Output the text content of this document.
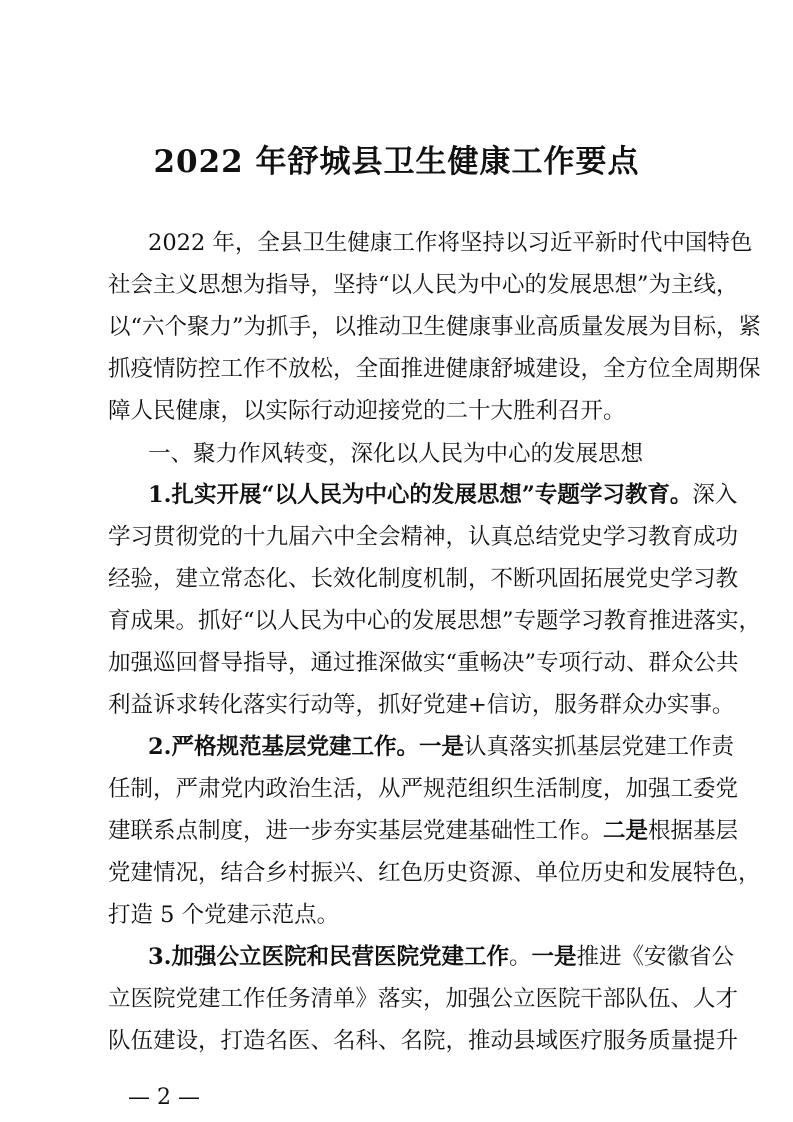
2022 年舒城县卫生健康工作要点

2022 年，全县卫生健康工作将坚持以习近平新时代中国特色

社会主义思想为指导，坚持“以人民为中心的发展思想”为主线，

以“六个聚力”为抓手，以推动卫生健康事业高质量发展为目标，紧

抓疫情防控工作不放松，全面推进健康舒城建设，全方位全周期保

障人民健康，以实际行动迎接党的二十大胜利召开。

一、聚力作风转变，深化以人民为中心的发展思想

1.扎实开展“以人民为中心的发展思想”专题学习教育。深入

学习贯彻党的十九届六中全会精神，认真总结党史学习教育成功

经验，建立常态化、长效化制度机制，不断巩固拓展党史学习教

育成果。抓好“以人民为中心的发展思想”专题学习教育推进落实，

加强巡回督导指导，通过推深做实“重畅决”专项行动、群众公共

利益诉求转化落实行动等，抓好党建+信访，服务群众办实事。

2.严格规范基层党建工作。一是认真落实抓基层党建工作责

任制，严肃党内政治生活，从严规范组织生活制度，加强工委党

建联系点制度，进一步夯实基层党建基础性工作。二是根据基层

党建情况，结合乡村振兴、红色历史资源、单位历史和发展特色，

打造 5 个党建示范点。

3.加强公立医院和民营医院党建工作。一是推进《安徽省公

立医院党建工作任务清单》落实，加强公立医院干部队伍、人才

队伍建设，打造名医、名科、名院，推动县域医疗服务质量提升

— 2 —
